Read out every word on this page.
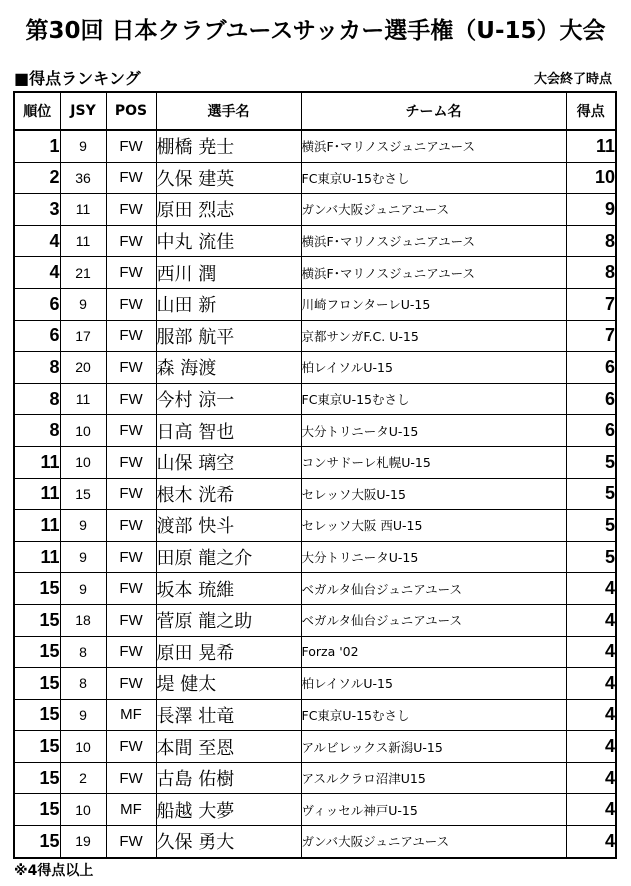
第30回 日本クラブユースサッカー選手権（U-15）大会
■得点ランキング	大会終了時点
順位	JSY	POS	選手名	チーム名	得点
1	9	FW	棚橋 尭士	横浜F･マリノスジュニアユース	11
2	36	FW	久保 建英	FC東京U-15むさし	10
3	11	FW	原田 烈志	ガンバ大阪ジュニアユース	9
4	11	FW	中丸 流佳	横浜F･マリノスジュニアユース	8
4	21	FW	西川 潤	横浜F･マリノスジュニアユース	8
6	9	FW	山田 新	川崎フロンターレU-15	7
6	17	FW	服部 航平	京都サンガF.C. U-15	7
8	20	FW	森 海渡	柏レイソルU-15	6
8	11	FW	今村 涼一	FC東京U-15むさし	6
8	10	FW	日高 智也	大分トリニータU-15	6
11	10	FW	山保 璃空	コンサドーレ札幌U-15	5
11	15	FW	根木 洸希	セレッソ大阪U-15	5
11	9	FW	渡部 快斗	セレッソ大阪 西U-15	5
11	9	FW	田原 龍之介	大分トリニータU-15	5
15	9	FW	坂本 琉維	ベガルタ仙台ジュニアユース	4
15	18	FW	菅原 龍之助	ベガルタ仙台ジュニアユース	4
15	8	FW	原田 晃希	Forza '02	4
15	8	FW	堤 健太	柏レイソルU-15	4
15	9	MF	長澤 壮竜	FC東京U-15むさし	4
15	10	FW	本間 至恩	アルビレックス新潟U-15	4
15	2	FW	古島 佑樹	アスルクラロ沼津U15	4
15	10	MF	船越 大夢	ヴィッセル神戸U-15	4
15	19	FW	久保 勇大	ガンバ大阪ジュニアユース	4
※4得点以上
